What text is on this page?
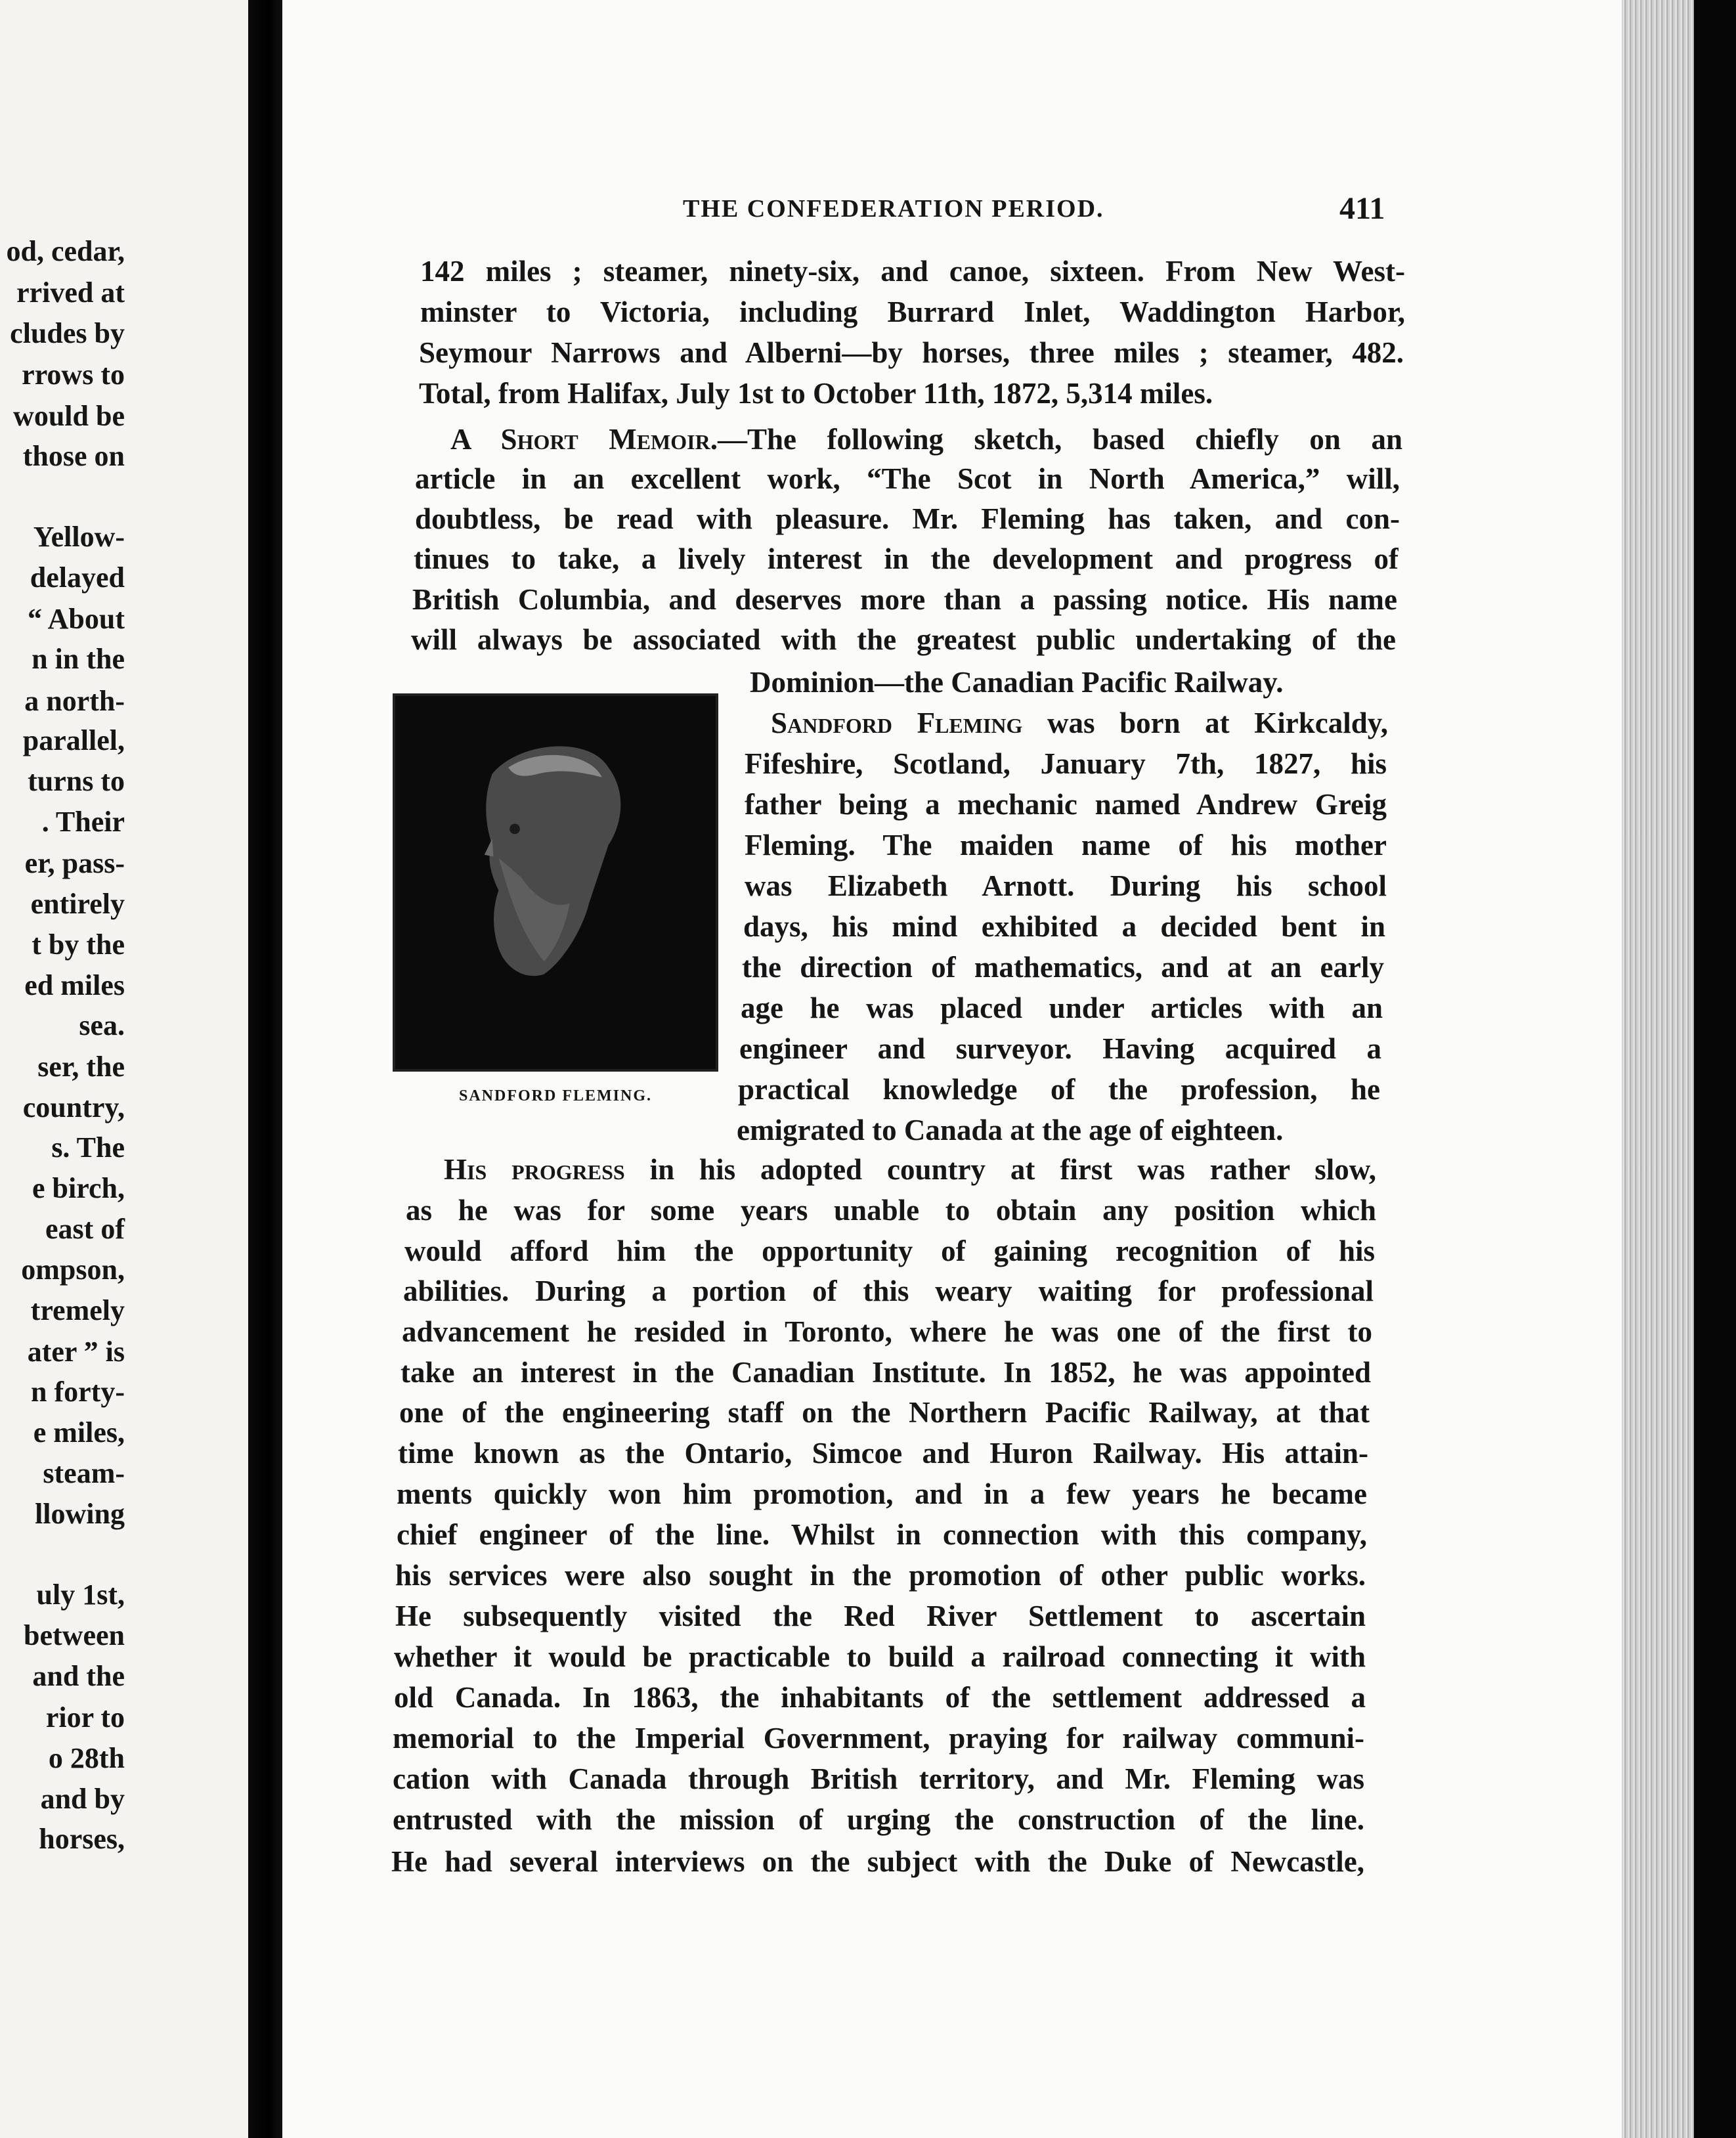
od, cedar,
rrived at
cludes by
rrows to
would be
those on
Yellow-
delayed
“ About
n in the
a north-
parallel,
turns to
. Their
er, pass-
entirely
t by the
ed miles
sea.
ser, the
country,
s. The
e birch,
east of
ompson,
tremely
ater ” is
n forty-
e miles,
steam-
llowing
uly 1st,
between
and the
rior to
o 28th
and by
horses,
THE CONFEDERATION PERIOD.	411
142 miles ; steamer, ninety-six, and canoe, sixteen. From New West-
minster to Victoria, including Burrard Inlet, Waddington Harbor,
Seymour Narrows and Alberni—by horses, three miles ; steamer, 482.
Total, from Halifax, July 1st to October 11th, 1872, 5,314 miles.
A Short Memoir.—The following sketch, based chiefly on an
article in an excellent work, “The Scot in North America,” will,
doubtless, be read with pleasure. Mr. Fleming has taken, and con-
tinues to take, a lively interest in the development and progress of
British Columbia, and deserves more than a passing notice. His name
will always be associated with the greatest public undertaking of the
Dominion—the Canadian Pacific Railway.
SANDFORD FLEMING.
Sandford Fleming was born at Kirkcaldy,
Fifeshire, Scotland, January 7th, 1827, his
father being a mechanic named Andrew Greig
Fleming. The maiden name of his mother
was Elizabeth Arnott. During his school
days, his mind exhibited a decided bent in
the direction of mathematics, and at an early
age he was placed under articles with an
engineer and surveyor. Having acquired a
practical knowledge of the profession, he
emigrated to Canada at the age of eighteen.
His progress in his adopted country at first was rather slow,
as he was for some years unable to obtain any position which
would afford him the opportunity of gaining recognition of his
abilities. During a portion of this weary waiting for professional
advancement he resided in Toronto, where he was one of the first to
take an interest in the Canadian Institute. In 1852, he was appointed
one of the engineering staff on the Northern Pacific Railway, at that
time known as the Ontario, Simcoe and Huron Railway. His attain-
ments quickly won him promotion, and in a few years he became
chief engineer of the line. Whilst in connection with this company,
his services were also sought in the promotion of other public works.
He subsequently visited the Red River Settlement to ascertain
whether it would be practicable to build a railroad connecting it with
old Canada. In 1863, the inhabitants of the settlement addressed a
memorial to the Imperial Government, praying for railway communi-
cation with Canada through British territory, and Mr. Fleming was
entrusted with the mission of urging the construction of the line.
He had several interviews on the subject with the Duke of Newcastle,
